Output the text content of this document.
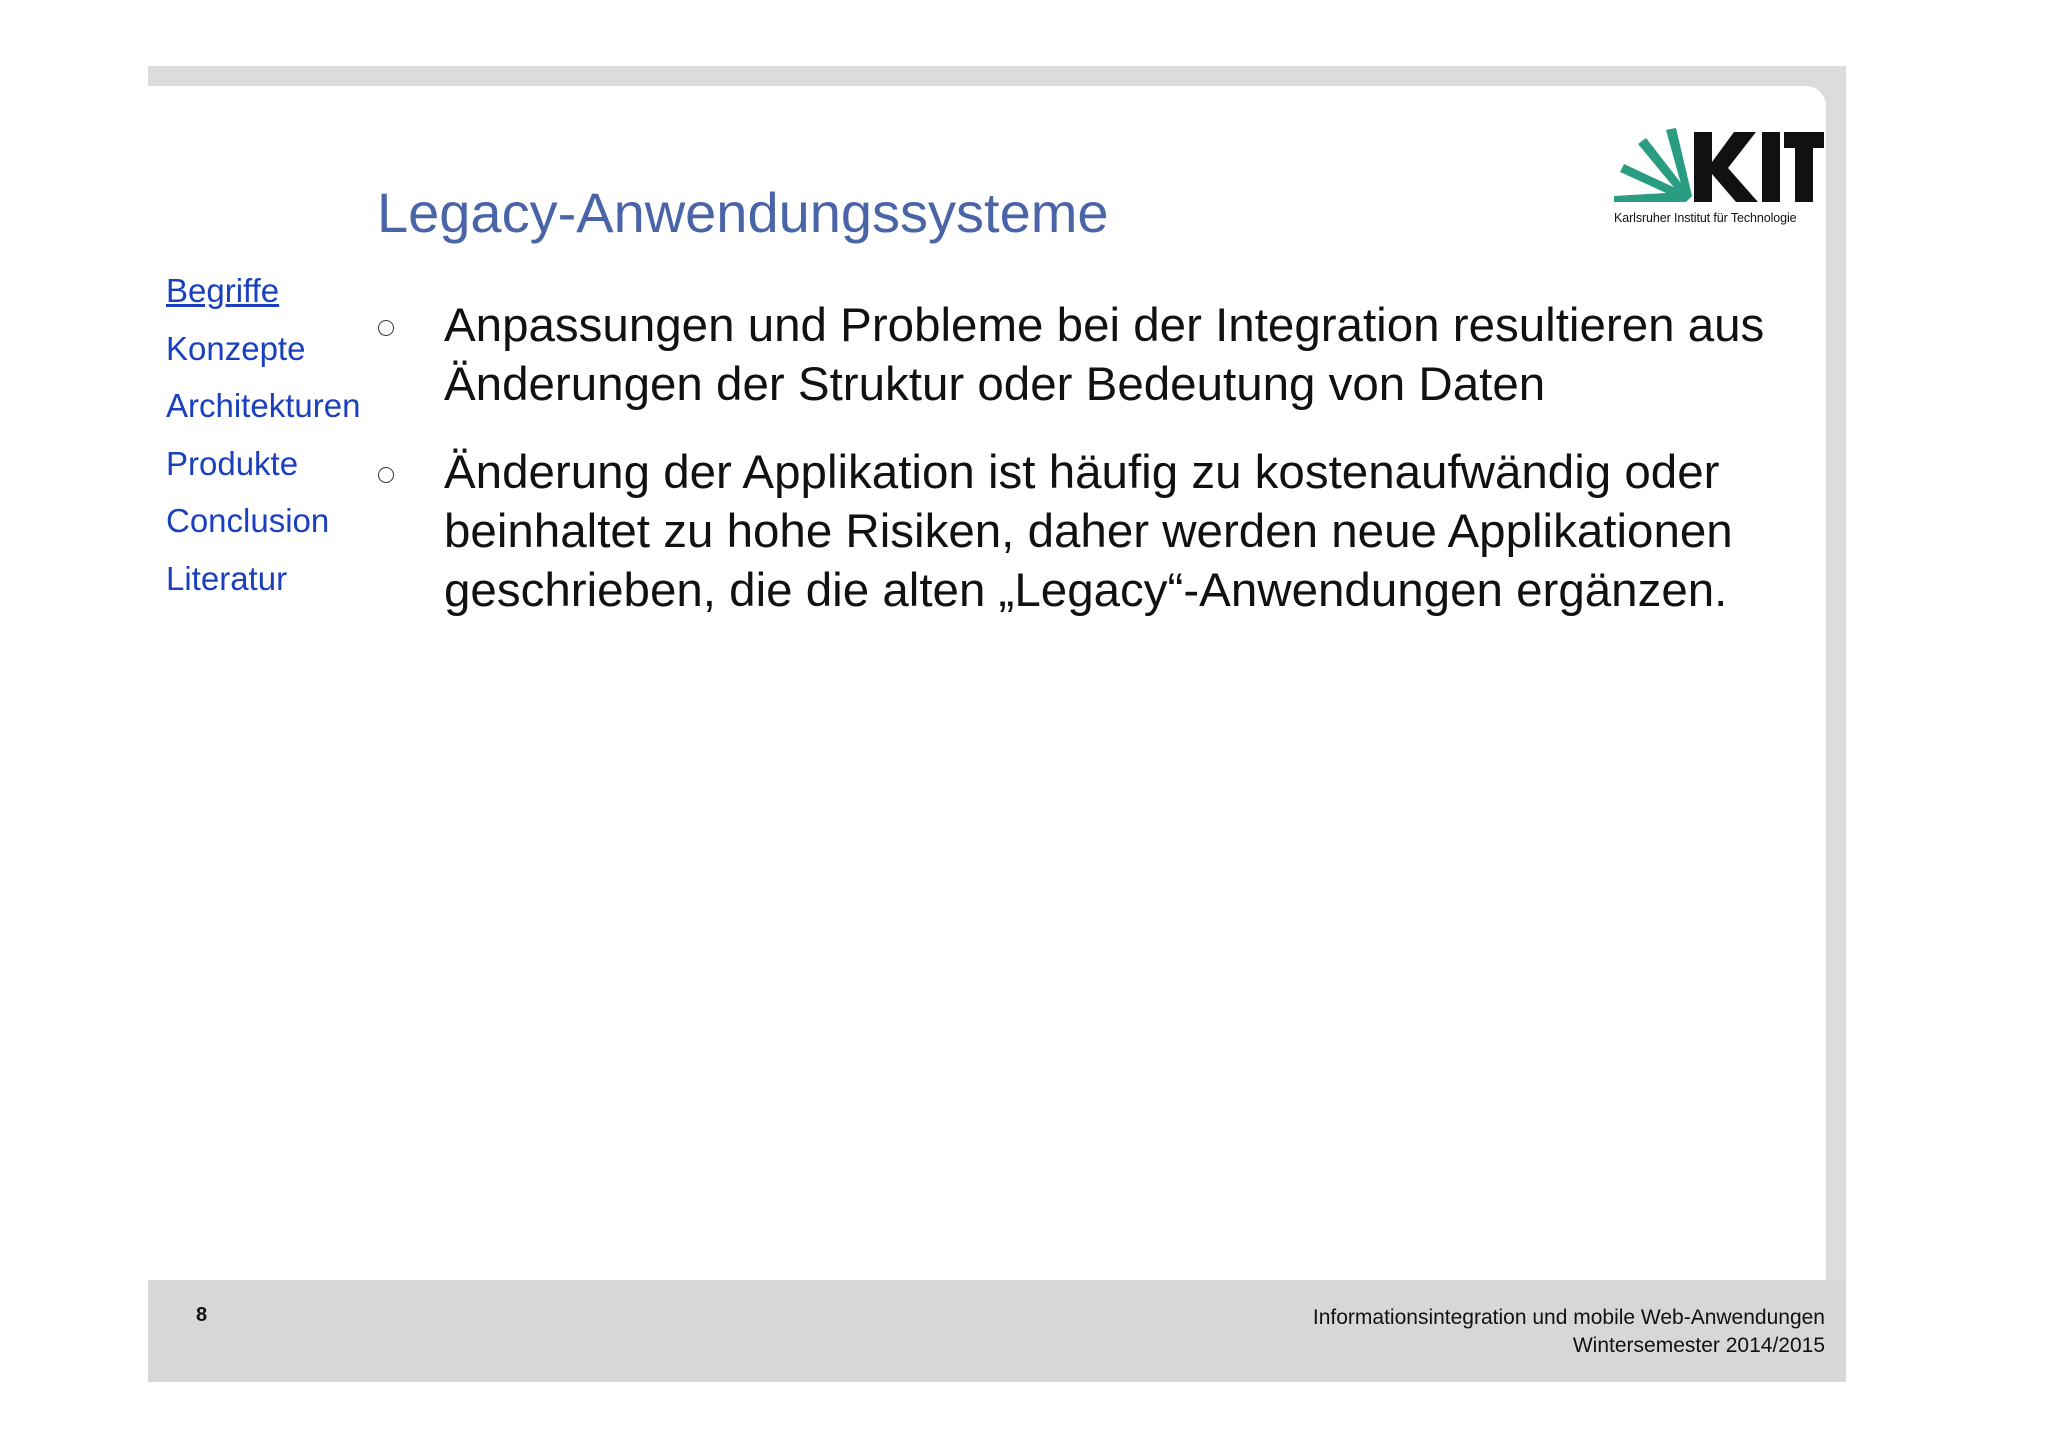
Legacy-Anwendungssysteme	Karlsruher Institut für Technologie
Begriffe
Konzepte
Architekturen
Produkte
Conclusion
Literatur
Anpassungen und Probleme bei der Integration resultieren aus Änderungen der Struktur oder Bedeutung von Daten
Änderung der Applikation ist häufig zu kostenaufwändig oder beinhaltet zu hohe Risiken, daher werden neue Applikationen geschrieben, die die alten „Legacy“-Anwendungen ergänzen.
8	Informationsintegration und mobile Web-Anwendungen
Wintersemester 2014/2015
